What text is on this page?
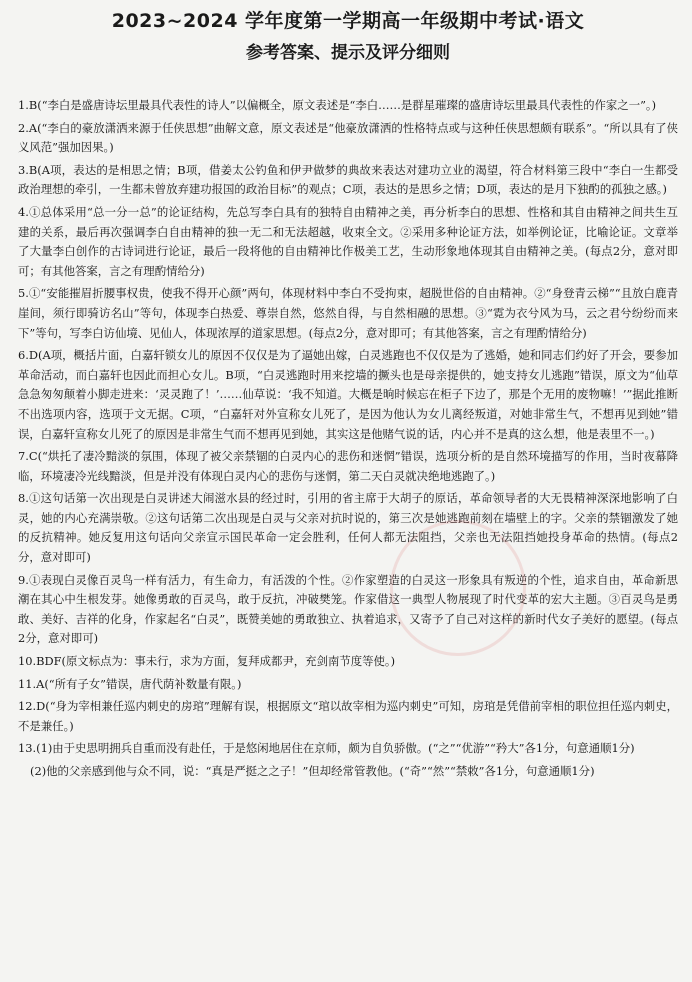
2023~2024 学年度第一学期高一年级期中考试·语文
参考答案、提示及评分细则

1.B(“李白是盛唐诗坛里最具代表性的诗人”以偏概全，原文表述是“李白……是群星璀璨的盛唐诗坛里最具代表性的作家之一”。)

2.A(“李白的豪放潇洒来源于任侠思想”曲解文意，原文表述是“他豪放潇洒的性格特点或与这种任侠思想颇有联系”。“所以具有了侠义风范”强加因果。)

3.B(A项，表达的是相思之情；B项，借姜太公钓鱼和伊尹做梦的典故来表达对建功立业的渴望，符合材料第三段中“李白一生都受政治理想的牵引，一生都未曾放弃建功报国的政治目标”的观点；C项，表达的是思乡之情；D项，表达的是月下独酌的孤独之感。)

4.①总体采用“总一分一总”的论证结构，先总写李白具有的独特自由精神之美，再分析李白的思想、性格和其自由精神之间共生互建的关系，最后再次强调李白自由精神的独一无二和无法超越，收束全文。②采用多种论证方法，如举例论证，比喻论证。文章举了大量李白创作的古诗词进行论证，最后一段将他的自由精神比作极美工艺，生动形象地体现其自由精神之美。(每点2分，意对即可；有其他答案，言之有理酌情给分)

5.①“安能摧眉折腰事权贵，使我不得开心颜”两句，体现材料中李白不受拘束，超脱世俗的自由精神。②“身登青云梯”“且放白鹿青崖间，须行即骑访名山”等句，体现李白热爱、尊崇自然，悠然自得，与自然相融的思想。③“霓为衣兮风为马，云之君兮纷纷而来下”等句，写李白访仙境、见仙人，体现浓厚的道家思想。(每点2分，意对即可；有其他答案，言之有理酌情给分)

6.D(A项，概括片面，白嘉轩锁女儿的原因不仅仅是为了逼她出嫁，白灵逃跑也不仅仅是为了逃婚，她和同志们约好了开会，要参加革命活动，而白嘉轩也因此而担心女儿。B项，“白灵逃跑时用来挖墙的撅头也是母亲提供的，她支持女儿逃跑”错误，原文为“仙草急急匆匆颠着小脚走进来：‘灵灵跑了！’……仙草说：‘我不知道。大概是晌时候忘在柜子下边了，那是个无用的废物嘛！’”据此推断不出选项内容，选项于文无据。C项，“白嘉轩对外宣称女儿死了，是因为他认为女儿离经叛道，对她非常生气，不想再见到她”错误，白嘉轩宣称女儿死了的原因是非常生气而不想再见到她，其实这是他赌气说的话，内心并不是真的这么想，他是表里不一。)

7.C(“烘托了凄冷黯淡的氛围，体现了被父亲禁锢的白灵内心的悲伤和迷惘”错误，选项分析的是自然环境描写的作用，当时夜幕降临，环境凄冷光线黯淡，但是并没有体现白灵内心的悲伤与迷惘，第二天白灵就决绝地逃跑了。)

8.①这句话第一次出现是白灵讲述大闹滋水县的经过时，引用的省主席于大胡子的原话，革命领导者的大无畏精神深深地影响了白灵，她的内心充满崇敬。②这句话第二次出现是白灵与父亲对抗时说的，第三次是她逃跑前刻在墙壁上的字。父亲的禁锢激发了她的反抗精神。她反复用这句话向父亲宣示国民革命一定会胜利，任何人都无法阻挡，父亲也无法阻挡她投身革命的热情。(每点2分，意对即可)

9.①表现白灵像百灵鸟一样有活力，有生命力，有活泼的个性。②作家塑造的白灵这一形象具有叛逆的个性，追求自由，革命新思潮在其心中生根发芽。她像勇敢的百灵鸟，敢于反抗，冲破樊笼。作家借这一典型人物展现了时代变革的宏大主题。③百灵鸟是勇敢、美好、吉祥的化身，作家起名“白灵”，既赞美她的勇敢独立、执着追求，又寄予了自己对这样的新时代女子美好的愿望。(每点2分，意对即可)

10.BDF(原文标点为：事未行，求为方面，复拜成都尹，充剑南节度等使。)

11.A(“所有子女”错误，唐代荫补数量有限。)

12.D(“身为宰相兼任巡内刺史的房琯”理解有误，根据原文“琯以故宰相为巡内刺史”可知，房琯是凭借前宰相的职位担任巡内刺史，不是兼任。)

13.(1)由于史思明拥兵自重而没有赴任，于是悠闲地居住在京师，颇为自负骄傲。(“之”“优游”“矜大”各1分，句意通顺1分)

(2)他的父亲感到他与众不同，说：“真是严挺之之子！”但却经常管教他。(“奇”“然”“禁敕”各1分，句意通顺1分)
